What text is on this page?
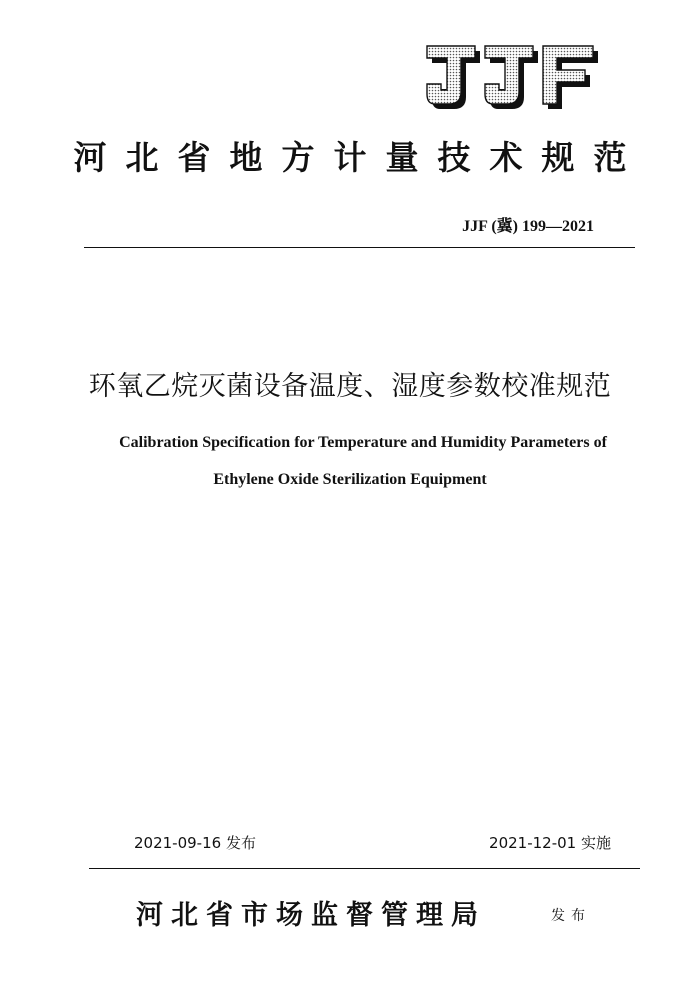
河北省地方计量技术规范
JJF (冀) 199—2021
环氧乙烷灭菌设备温度、湿度参数校准规范
Calibration Specification for Temperature and Humidity Parameters of
Ethylene Oxide Sterilization Equipment
2021-09-16 发布	2021-12-01 实施
河北省市场监督管理局	发布
